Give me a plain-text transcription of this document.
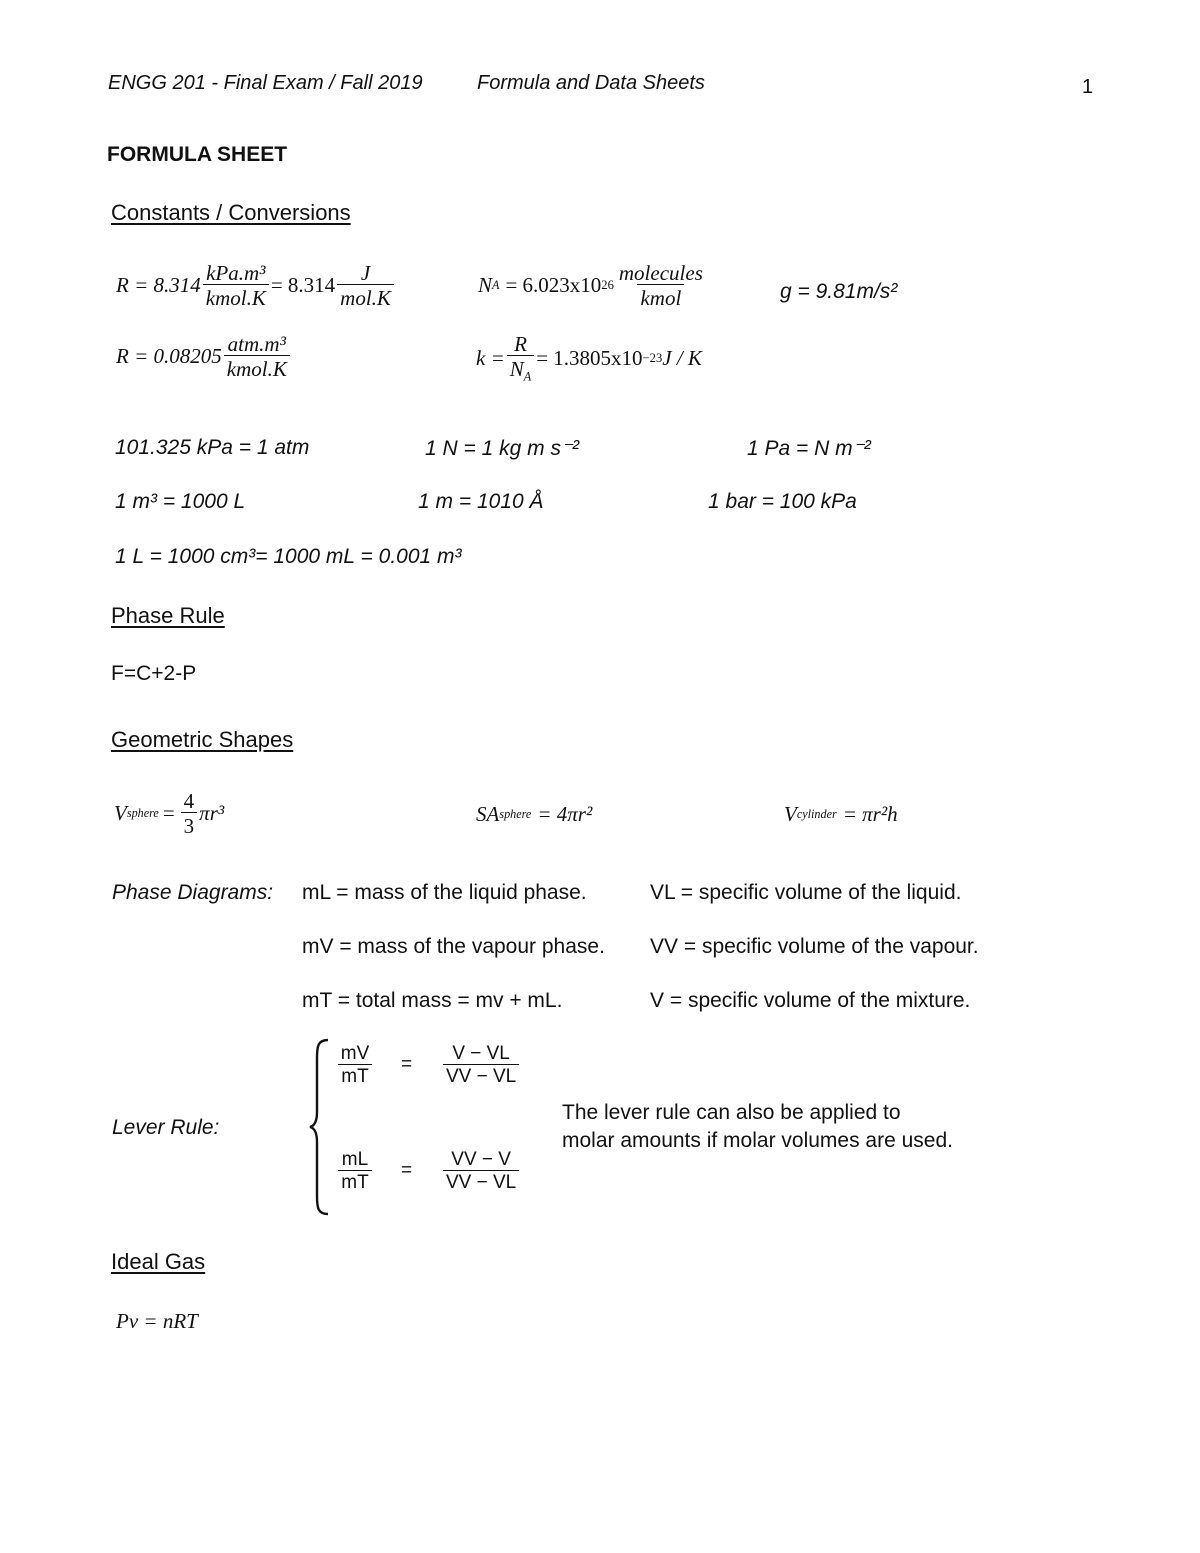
ENGG 201 - Final Exam / Fall 2019	Formula and Data Sheets	1
FORMULA SHEET
Constants / Conversions
$R = 8.314 \frac{\text{kPa.m³}}{\text{kmol.K}} = 8.314 \frac{J}{\text{mol.K}}$	N A = 6.023x10 $26 \frac{\text{molecules}}{\text{kmol}}$	g = 9.81m/s²
$R = 0.08205 \frac{\text{atm.m³}}{\text{kmol.K}}$	$k = \frac{R}{N_A} = 1.3805x10 -23$ J / K
101.325 kPa = 1 atm	1 N = 1 kg m s⁻²	1 Pa = N m⁻²
1 m³ = 1000 L	1 m = 1010 Å	1 bar = 100 kPa
1 L = 1000 cm³= 1000 mL = 0.001 m³
Phase Rule
F=C+2-P
Geometric Shapes
V sphere = $\frac{4}{3} \pi r^3$	SA sphere = 4πr²	V cylinder = πr²h
Phase Diagrams: mL = mass of the liquid phase.	VL = specific volume of the liquid.
mV = mass of the vapour phase. VV = specific volume of the vapour.
mT = total mass = mv + mL.	V = specific volume of the mixture.
Lever Rule:
$\frac{mV}{mT} = \frac{V - VL}{VV - VL}$
$\frac{mL}{mT} = \frac{VV - V}{VV - VL}$
The lever rule can also be applied to
molar amounts if molar volumes are used.
Ideal Gas
Pv = nRT
